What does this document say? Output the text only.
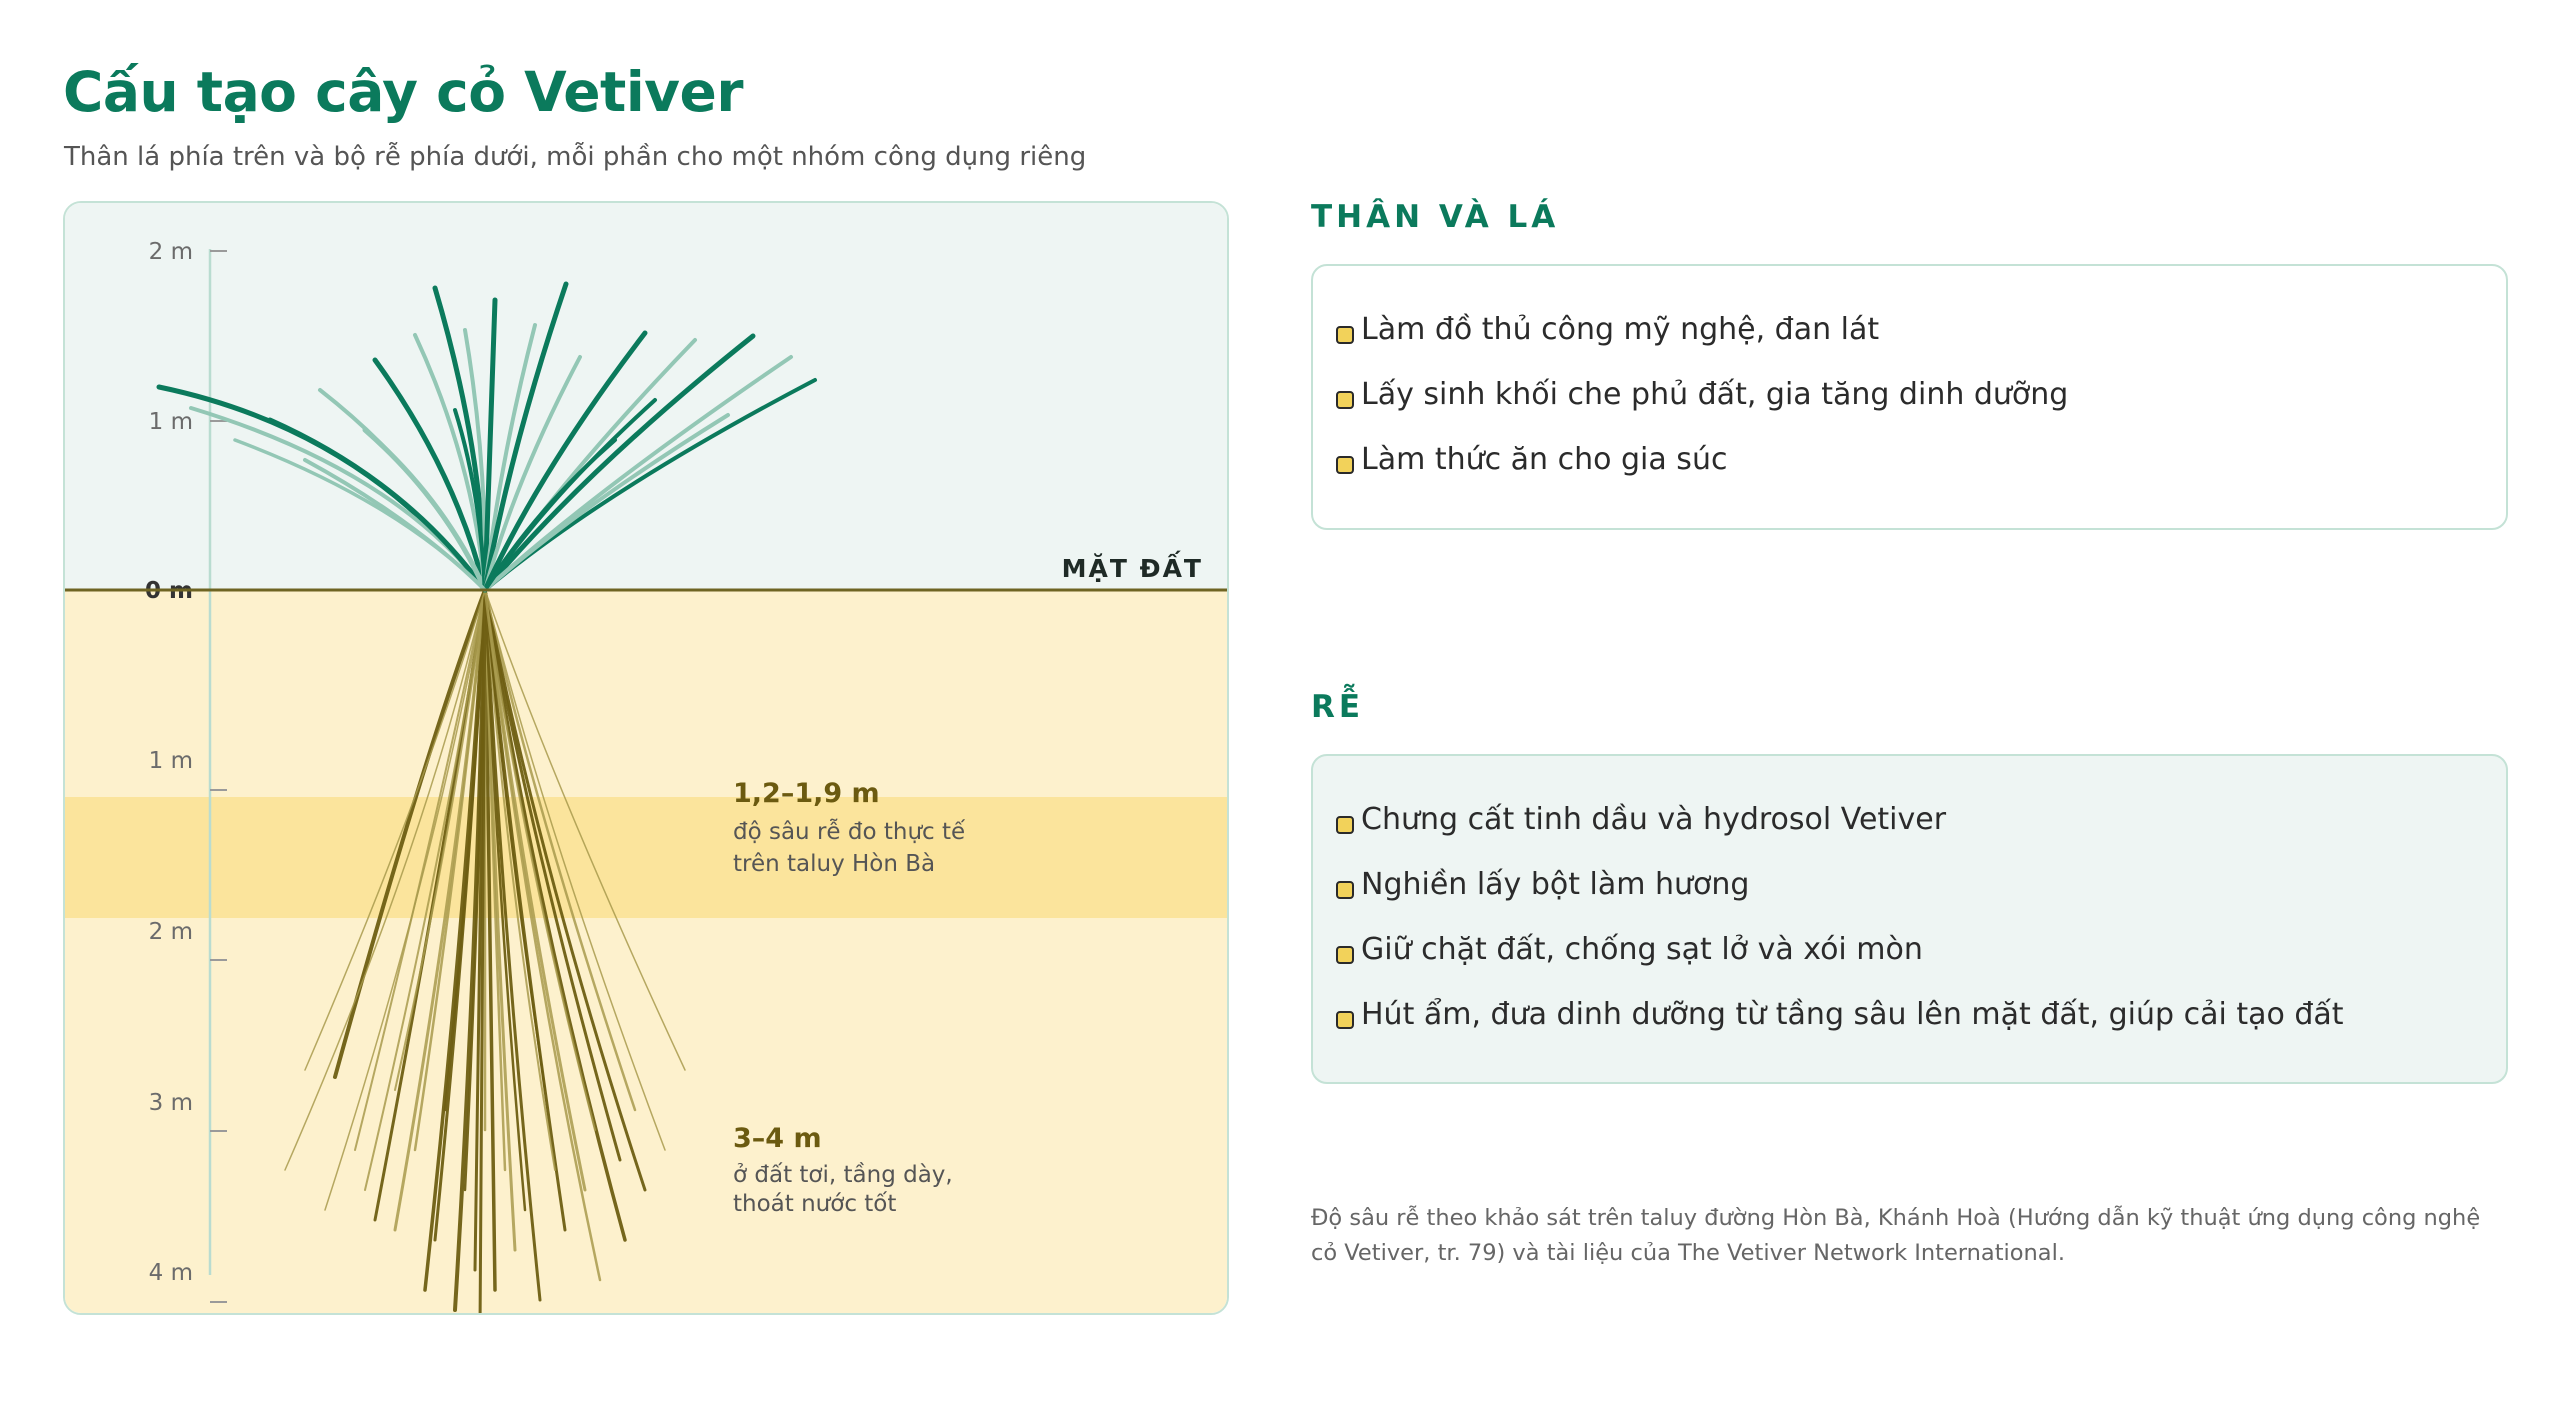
Cấu tạo cây cỏ Vetiver

Thân lá phía trên và bộ rễ phía dưới, mỗi phần cho một nhóm công dụng riêng

2 m
1 m
0 m
1 m
2 m
3 m
4 m
MẶT ĐẤT
1,2–1,9 m
độ sâu rễ đo thực tế
trên taluy Hòn Bà
3–4 m
ở đất tơi, tầng dày,
thoát nước tốt
THÂN VÀ LÁ
Làm đồ thủ công mỹ nghệ, đan lát
Lấy sinh khối che phủ đất, gia tăng dinh dưỡng
Làm thức ăn cho gia súc
RỄ
Chưng cất tinh dầu và hydrosol Vetiver
Nghiền lấy bột làm hương
Giữ chặt đất, chống sạt lở và xói mòn
Hút ẩm, đưa dinh dưỡng từ tầng sâu lên mặt đất, giúp cải tạo đất

Độ sâu rễ theo khảo sát trên taluy đường Hòn Bà, Khánh Hoà (Hướng dẫn kỹ thuật ứng dụng công nghệ cỏ Vetiver, tr. 79) và tài liệu của The Vetiver Network International.
